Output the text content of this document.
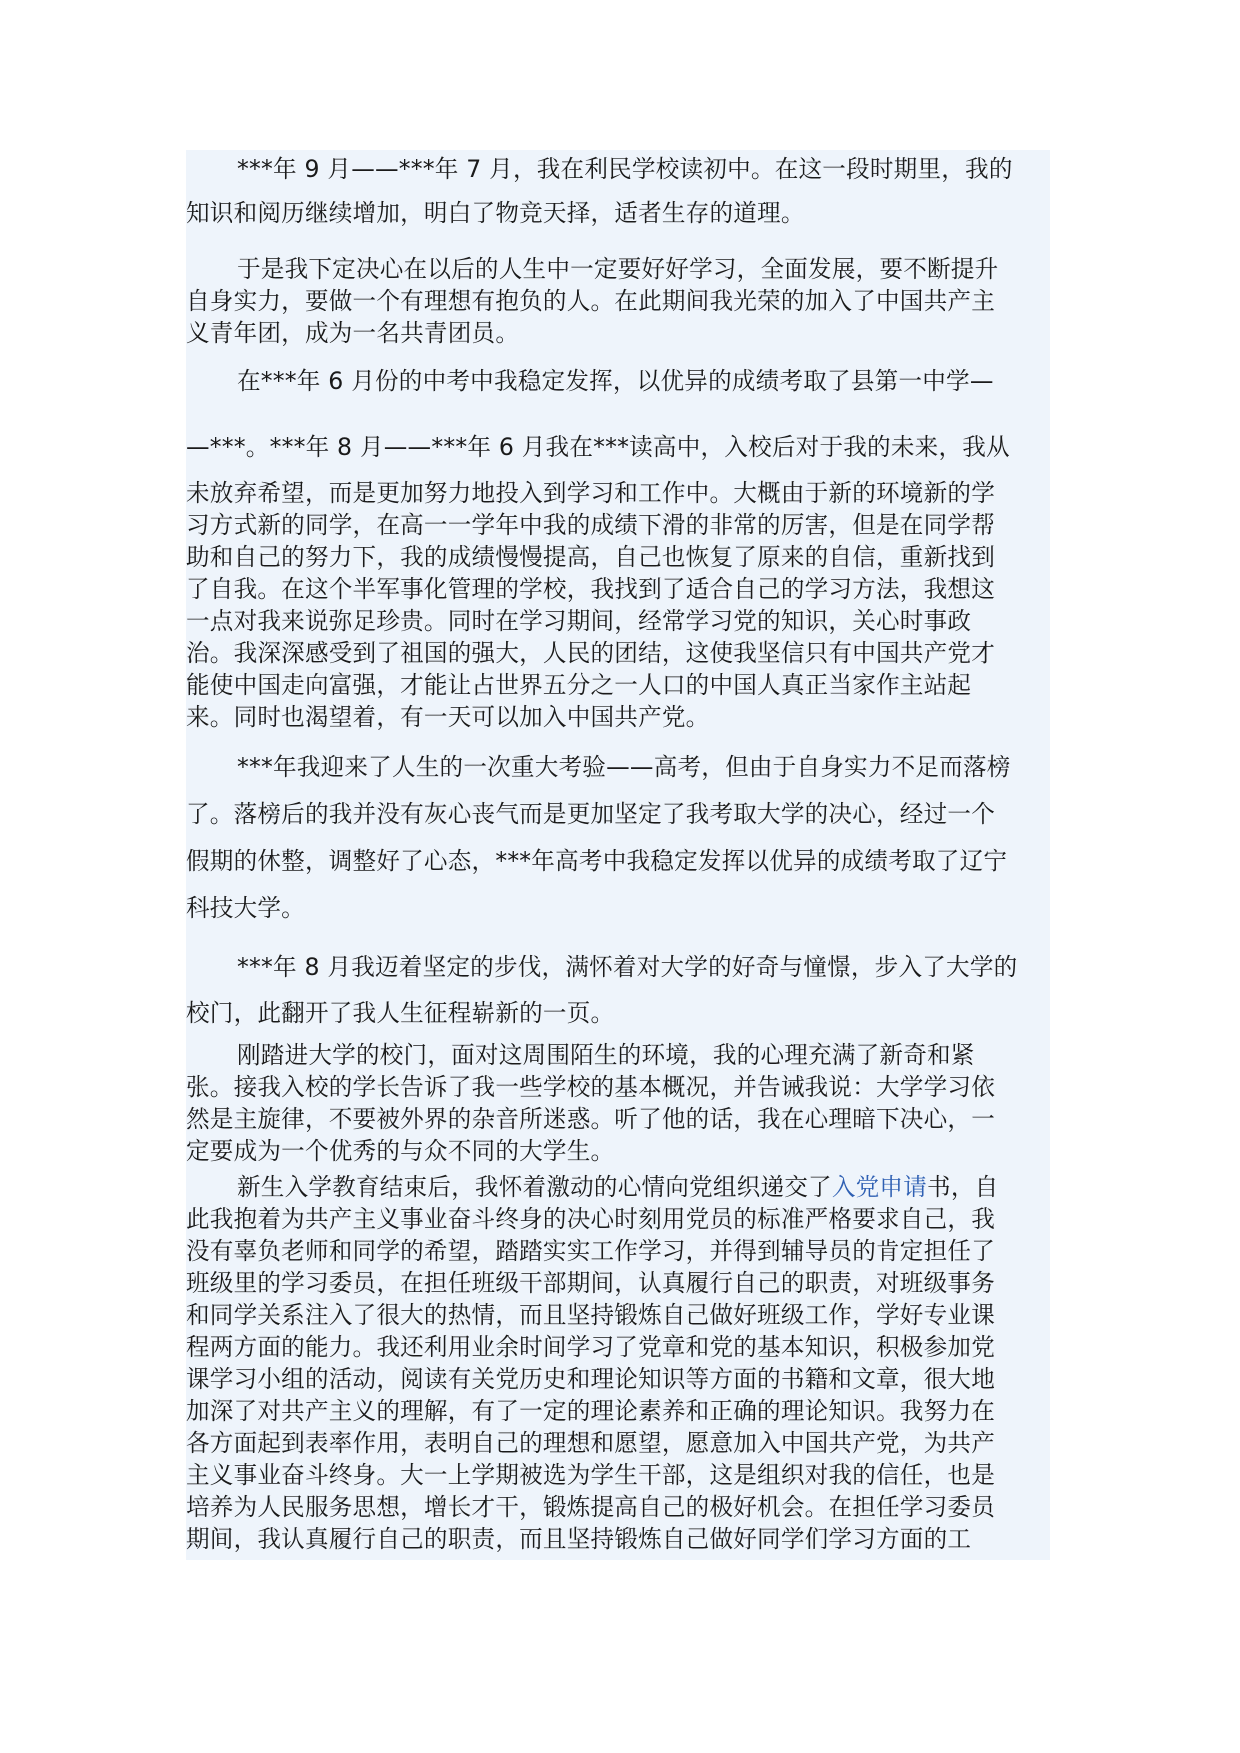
***年 9 月——***年 7 月，我在利民学校读初中。在这一段时期里，我的
知识和阅历继续增加，明白了物竞天择，适者生存的道理。
于是我下定决心在以后的人生中一定要好好学习，全面发展，要不断提升
自身实力，要做一个有理想有抱负的人。在此期间我光荣的加入了中国共产主
义青年团，成为一名共青团员。
在***年 6 月份的中考中我稳定发挥，以优异的成绩考取了县第一中学—
—***。***年 8 月——***年 6 月我在***读高中，入校后对于我的未来，我从
未放弃希望，而是更加努力地投入到学习和工作中。大概由于新的环境新的学
习方式新的同学，在高一一学年中我的成绩下滑的非常的厉害，但是在同学帮
助和自己的努力下，我的成绩慢慢提高，自己也恢复了原来的自信，重新找到
了自我。在这个半军事化管理的学校，我找到了适合自己的学习方法，我想这
一点对我来说弥足珍贵。同时在学习期间，经常学习党的知识，关心时事政
治。我深深感受到了祖国的强大，人民的团结，这使我坚信只有中国共产党才
能使中国走向富强，才能让占世界五分之一人口的中国人真正当家作主站起
来。同时也渴望着，有一天可以加入中国共产党。
***年我迎来了人生的一次重大考验——高考，但由于自身实力不足而落榜
了。落榜后的我并没有灰心丧气而是更加坚定了我考取大学的决心，经过一个
假期的休整，调整好了心态，***年高考中我稳定发挥以优异的成绩考取了辽宁
科技大学。
***年 8 月我迈着坚定的步伐，满怀着对大学的好奇与憧憬，步入了大学的
校门，此翻开了我人生征程崭新的一页。
刚踏进大学的校门，面对这周围陌生的环境，我的心理充满了新奇和紧
张。接我入校的学长告诉了我一些学校的基本概况，并告诫我说：大学学习依
然是主旋律，不要被外界的杂音所迷惑。听了他的话，我在心理暗下决心，一
定要成为一个优秀的与众不同的大学生。
新生入学教育结束后，我怀着激动的心情向党组织递交了入党申请书，自
此我抱着为共产主义事业奋斗终身的决心时刻用党员的标准严格要求自己，我
没有辜负老师和同学的希望，踏踏实实工作学习，并得到辅导员的肯定担任了
班级里的学习委员，在担任班级干部期间，认真履行自己的职责，对班级事务
和同学关系注入了很大的热情，而且坚持锻炼自己做好班级工作，学好专业课
程两方面的能力。我还利用业余时间学习了党章和党的基本知识，积极参加党
课学习小组的活动，阅读有关党历史和理论知识等方面的书籍和文章，很大地
加深了对共产主义的理解，有了一定的理论素养和正确的理论知识。我努力在
各方面起到表率作用，表明自己的理想和愿望，愿意加入中国共产党，为共产
主义事业奋斗终身。大一上学期被选为学生干部，这是组织对我的信任，也是
培养为人民服务思想，增长才干，锻炼提高自己的极好机会。在担任学习委员
期间，我认真履行自己的职责，而且坚持锻炼自己做好同学们学习方面的工
